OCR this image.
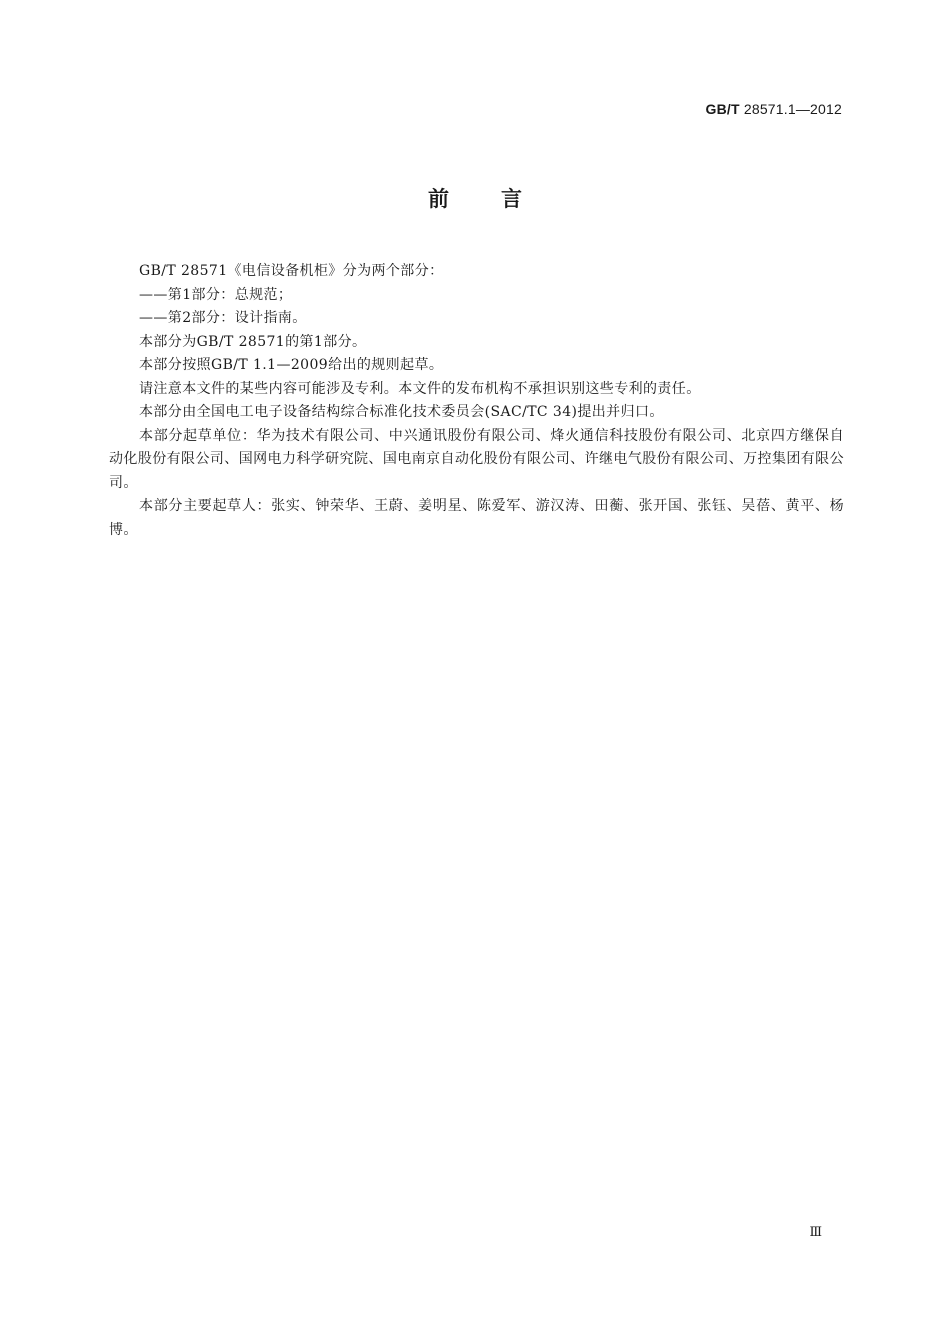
GB/T 28571.1—2012
前言

GB/T 28571《电信设备机柜》分为两个部分：

——第1部分：总规范；

——第2部分：设计指南。

本部分为GB/T 28571的第1部分。

本部分按照GB/T 1.1—2009给出的规则起草。

请注意本文件的某些内容可能涉及专利。本文件的发布机构不承担识别这些专利的责任。

本部分由全国电工电子设备结构综合标准化技术委员会(SAC/TC 34)提出并归口。

本部分起草单位：华为技术有限公司、中兴通讯股份有限公司、烽火通信科技股份有限公司、北京四方继保自动化股份有限公司、国网电力科学研究院、国电南京自动化股份有限公司、许继电气股份有限公司、万控集团有限公司。

本部分主要起草人：张实、钟荣华、王蔚、姜明星、陈爱军、游汉涛、田蘅、张开国、张钰、吴蓓、黄平、杨博。

Ⅲ
